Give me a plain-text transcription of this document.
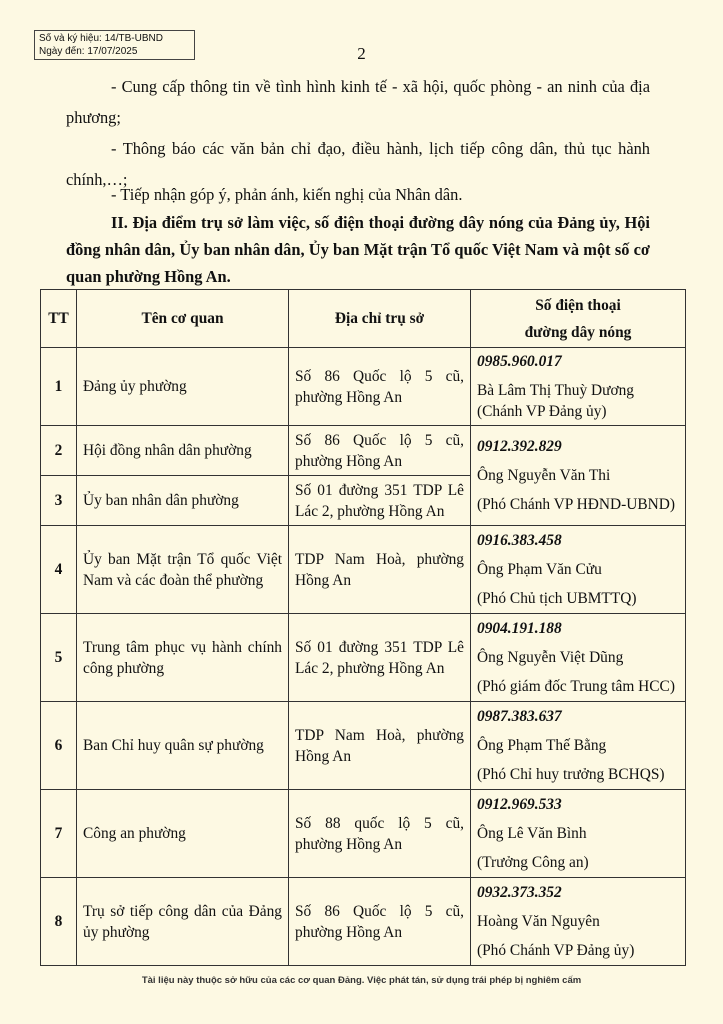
Số và ký hiệu: 14/TB-UBND
Ngày đến: 17/07/2025	2
- Cung cấp thông tin về tình hình kinh tế - xã hội, quốc phòng - an ninh của địa phương;
- Thông báo các văn bản chỉ đạo, điều hành, lịch tiếp công dân, thủ tục hành chính,…;
- Tiếp nhận góp ý, phản ánh, kiến nghị của Nhân dân.
II. Địa điểm trụ sở làm việc, số điện thoại đường dây nóng của Đảng ủy, Hội đồng nhân dân, Ủy ban nhân dân, Ủy ban Mặt trận Tổ quốc Việt Nam và một số cơ quan phường Hồng An.
TT	Tên cơ quan	Địa chỉ trụ sở	Số điện thoại
đường dây nóng

1	Đảng ủy phường	Số 86 Quốc lộ 5 cũ, phường Hồng An	0985.960.017
Bà Lâm Thị Thuỳ Dương
(Chánh VP Đảng ủy)

2	Hội đồng nhân dân phường	Số 86 Quốc lộ 5 cũ, phường Hồng An	0912.392.829
Ông Nguyễn Văn Thi
(Phó Chánh VP HĐND-UBND)

3	Ủy ban nhân dân phường	Số 01 đường 351 TDP Lê Lác 2, phường Hồng An	
4	Ủy ban Mặt trận Tổ quốc Việt Nam và các đoàn thể phường	TDP Nam Hoà, phường Hồng An	0916.383.458
Ông Phạm Văn Cửu
(Phó Chủ tịch UBMTTQ)

5	Trung tâm phục vụ hành chính công phường	Số 01 đường 351 TDP Lê Lác 2, phường Hồng An	0904.191.188
Ông Nguyễn Việt Dũng
(Phó giám đốc Trung tâm HCC)

6	Ban Chỉ huy quân sự phường	TDP Nam Hoà, phường Hồng An	0987.383.637
Ông Phạm Thế Bằng
(Phó Chỉ huy trưởng BCHQS)

7	Công an phường	Số 88 quốc lộ 5 cũ, phường Hồng An	0912.969.533
Ông Lê Văn Bình
(Trưởng Công an)

8	Trụ sở tiếp công dân của Đảng ủy phường	Số 86 Quốc lộ 5 cũ, phường Hồng An	0932.373.352
Hoàng Văn Nguyên
(Phó Chánh VP Đảng ủy)
Tài liệu này thuộc sở hữu của các cơ quan Đảng. Việc phát tán, sử dụng trái phép bị nghiêm cấm
